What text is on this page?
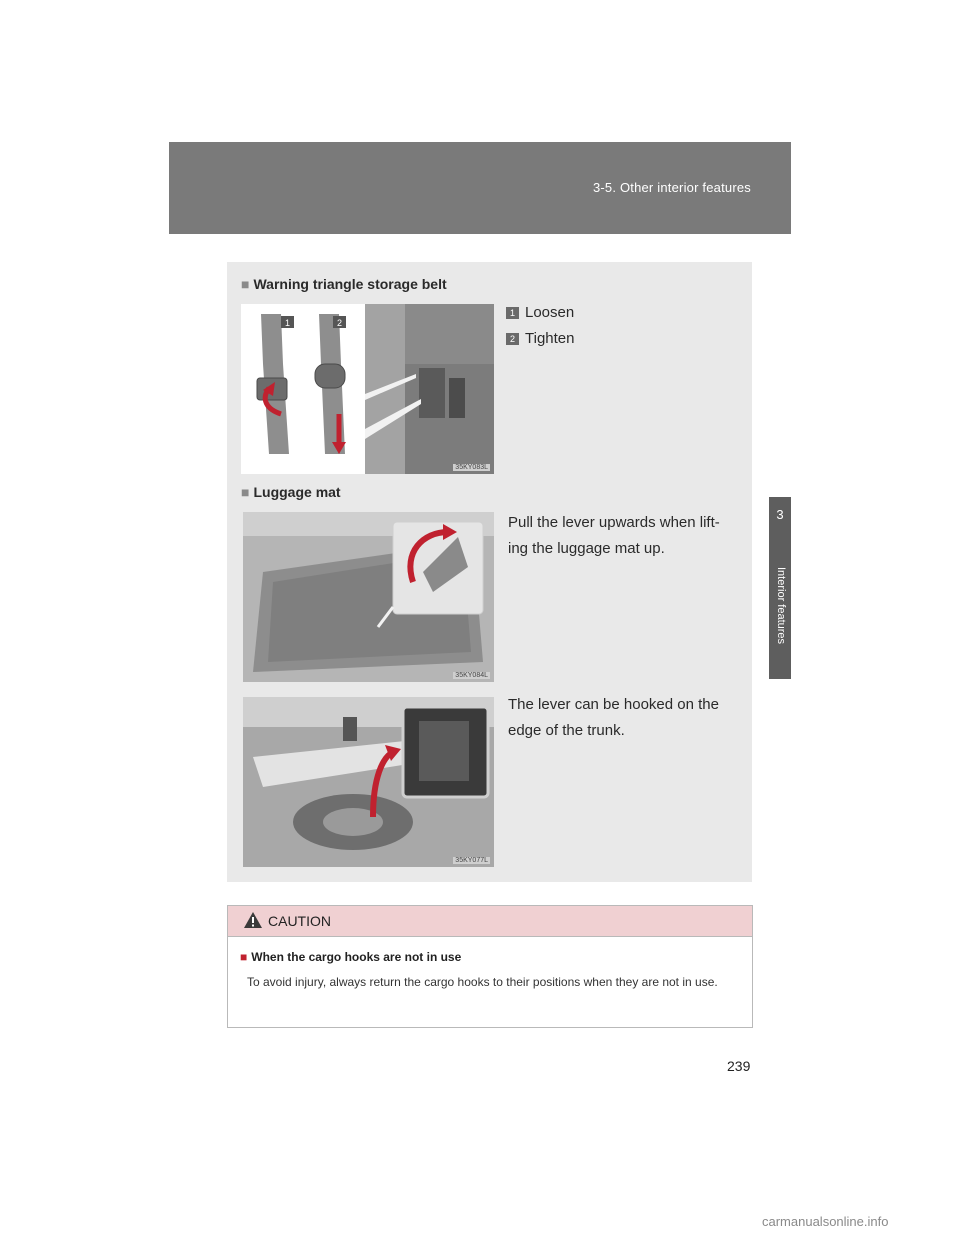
3-5. Other interior features
3
Interior features
■ Warning triangle storage belt
1	2
35KY083L
1 Loosen
2 Tighten
■ Luggage mat
35KY084L
Pull the lever upwards when lift-
ing the luggage mat up.
35KY077L
The lever can be hooked on the
edge of the trunk.
CAUTION
■ When the cargo hooks are not in use
To avoid injury, always return the cargo hooks to their positions when they are not in use.
239
carmanualsonline.info
